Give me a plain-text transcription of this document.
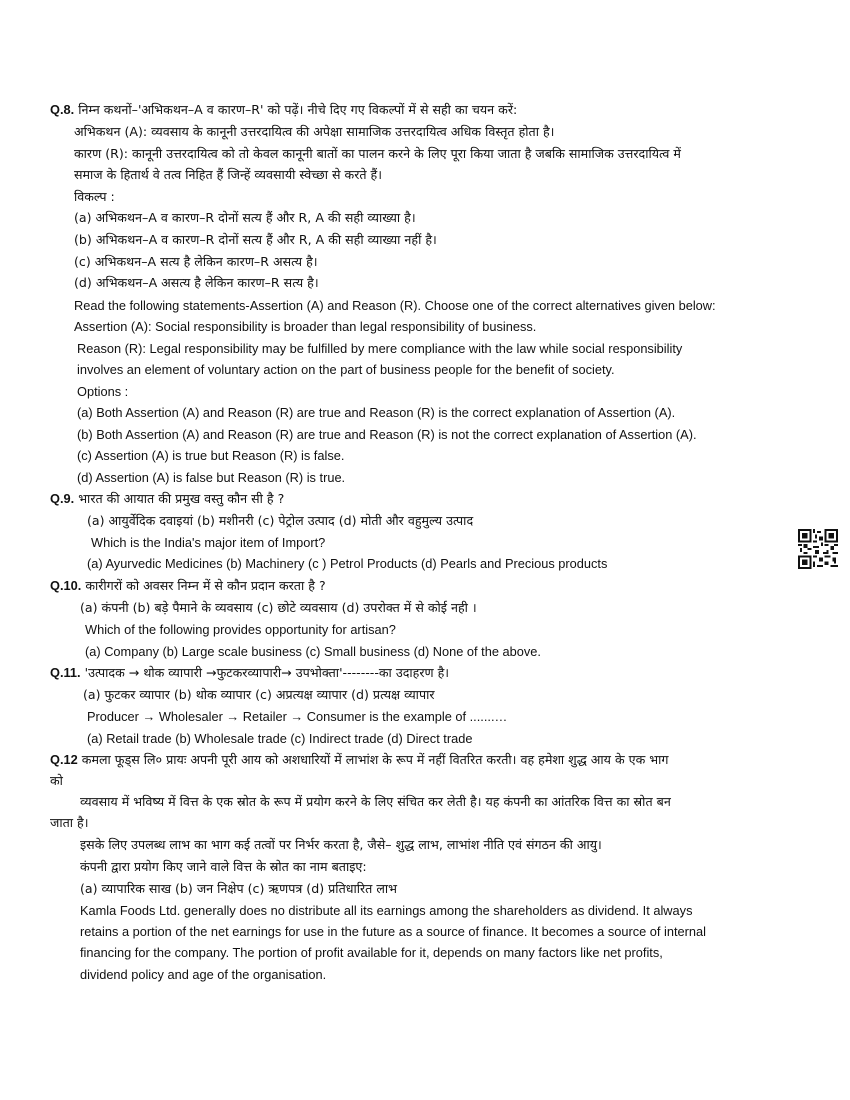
Q.8. निम्न कथनों–'अभिकथन–A व कारण–R' को पढ़ें। नीचे दिए गए विकल्पों में से सही का चयन करें:
अभिकथन (A): व्यवसाय के कानूनी उत्तरदायित्व की अपेक्षा सामाजिक उत्तरदायित्व अधिक विस्तृत होता है।
कारण (R): कानूनी उत्तरदायित्व को तो केवल कानूनी बातों का पालन करने के लिए पूरा किया जाता है जबकि सामाजिक उत्तरदायित्व में
समाज के हितार्थ वे तत्व निहित हैं जिन्हें व्यवसायी स्वेच्छा से करते हैं।
विकल्प :
(a) अभिकथन–A व कारण–R दोनों सत्य हैं और R, A की सही व्याख्या है।
(b) अभिकथन–A व कारण–R दोनों सत्य हैं और R, A की सही व्याख्या नहीं है।
(c) अभिकथन–A सत्य है लेकिन कारण–R असत्य है।
(d) अभिकथन–A असत्य है लेकिन कारण–R सत्य है।
Read the following statements-Assertion (A) and Reason (R). Choose one of the correct alternatives given below:
Assertion (A): Social responsibility is broader than legal responsibility of business.
Reason (R): Legal responsibility may be fulfilled by mere compliance with the law while social responsibility
involves an element of voluntary action on the part of business people for the benefit of society.
Options :
(a) Both Assertion (A) and Reason (R) are true and Reason (R) is the correct explanation of Assertion (A).
(b) Both Assertion (A) and Reason (R) are true and Reason (R) is not the correct explanation of Assertion (A).
(c) Assertion (A) is true but Reason (R) is false.
(d) Assertion (A) is false but Reason (R) is true.
Q.9. भारत की आयात की प्रमुख वस्तु कौन सी है ?
(a) आयुर्वेदिक दवाइयां (b) मशीनरी (c) पेट्रोल उत्पाद (d) मोती और वहुमुल्य उत्पाद
Which is the India's major item of Import?
(a) Ayurvedic Medicines (b) Machinery (c ) Petrol Products (d) Pearls and Precious products
Q.10. कारीगरों को अवसर निम्न में से कौन प्रदान करता है ?
(a) कंपनी (b) बड़े पैमाने के व्यवसाय (c) छोटे व्यवसाय (d) उपरोक्त में से कोई नही ।
Which of the following provides opportunity for artisan?
(a) Company (b) Large scale business (c) Small business (d) None of the above.
Q.11. 'उत्पादक → थोक व्यापारी →फुटकरव्यापारी→ उपभोक्ता'--------का उदाहरण है।
(a) फुटकर व्यापार (b) थोक व्यापार (c) अप्रत्यक्ष व्यापार (d) प्रत्यक्ष व्यापार
Producer → Wholesaler → Retailer → Consumer is the example of .......…
(a) Retail trade (b) Wholesale trade (c) Indirect trade (d) Direct trade
Q.12 कमला फूड्स लि० प्रायः अपनी पूरी आय को अशधारियों में लाभांश के रूप में नहीं वितरित करती। वह हमेशा शुद्ध आय के एक भाग
को
व्यवसाय में भविष्य में वित्त के एक स्रोत के रूप में प्रयोग करने के लिए संचित कर लेती है। यह कंपनी का आंतरिक वित्त का स्रोत बन
जाता है।
इसके लिए उपलब्ध लाभ का भाग कई तत्वों पर निर्भर करता है, जैसे– शुद्ध लाभ, लाभांश नीति एवं संगठन की आयु।
कंपनी द्वारा प्रयोग किए जाने वाले वित्त के स्रोत का नाम बताइए:
(a) व्यापारिक साख (b) जन निक्षेप (c) ऋणपत्र (d) प्रतिधारित लाभ
Kamla Foods Ltd. generally does no distribute all its earnings among the shareholders as dividend. It always
retains a portion of the net earnings for use in the future as a source of finance. It becomes a source of internal
financing for the company. The portion of profit available for it, depends on many factors like net profits,
dividend policy and age of the organisation.
